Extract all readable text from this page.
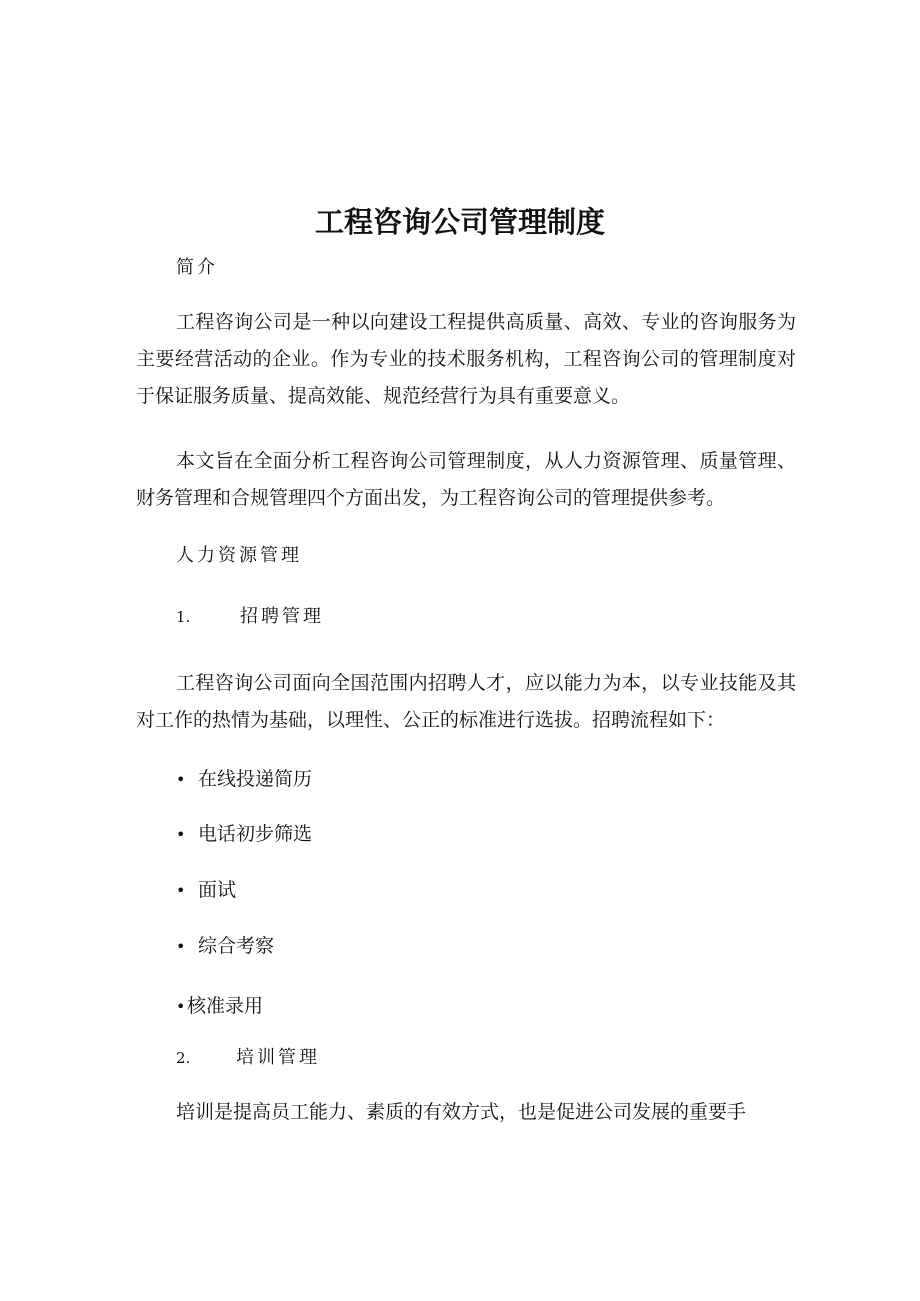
工程咨询公司管理制度
简介
工程咨询公司是一种以向建设工程提供高质量、高效、专业的咨询服务为主要经营活动的企业。作为专业的技术服务机构，工程咨询公司的管理制度对于保证服务质量、提高效能、规范经营行为具有重要意义。
本文旨在全面分析工程咨询公司管理制度，从人力资源管理、质量管理、财务管理和合规管理四个方面出发，为工程咨询公司的管理提供参考。
人力资源管理
1.	招聘管理
工程咨询公司面向全国范围内招聘人才，应以能力为本，以专业技能及其对工作的热情为基础，以理性、公正的标准进行选拔。招聘流程如下：
• 在线投递简历
• 电话初步筛选
• 面试
• 综合考察
•核准录用
2.	培训管理
培训是提高员工能力、素质的有效方式，也是促进公司发展的重要手
